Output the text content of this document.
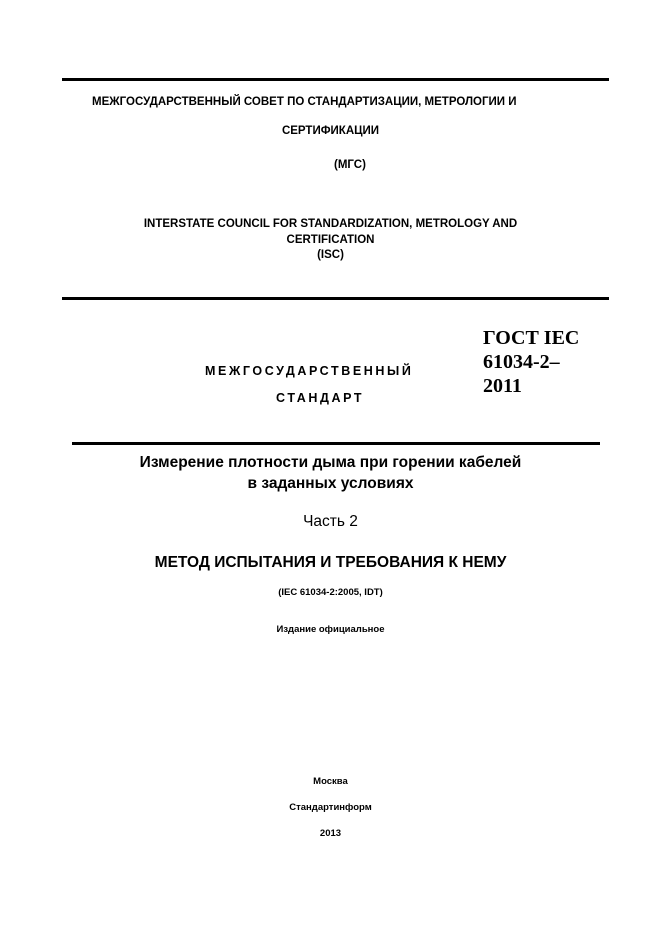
МЕЖГОСУДАРСТВЕННЫЙ СОВЕТ ПО СТАНДАРТИЗАЦИИ, МЕТРОЛОГИИ И
СЕРТИФИКАЦИИ
(МГС)
INTERSTATE COUNCIL FOR STANDARDIZATION, METROLOGY AND
CERTIFICATION
(ISC)
МЕЖГОСУДАРСТВЕННЫЙ
СТАНДАРТ
ГОСТ IEC
61034-2–
2011
Измерение плотности дыма при горении кабелей
в заданных условиях
Часть 2
МЕТОД ИСПЫТАНИЯ И ТРЕБОВАНИЯ К НЕМУ
(IEC 61034-2:2005, IDT)
Издание официальное
Москва
Стандартинформ
2013
